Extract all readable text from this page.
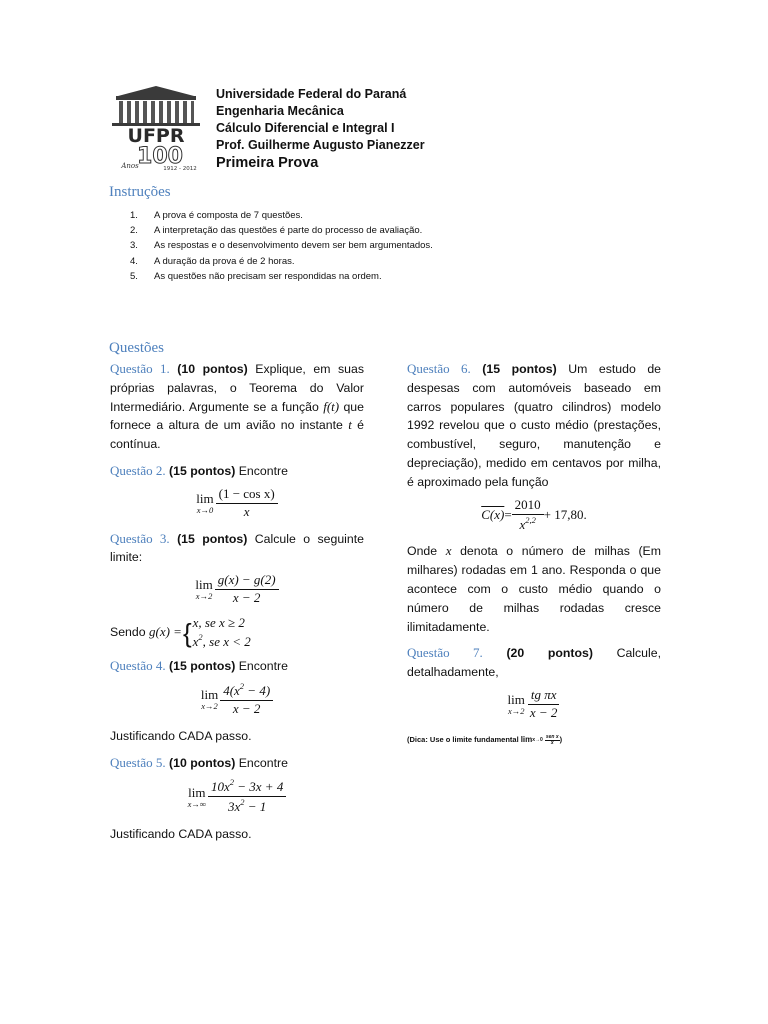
UFPR
Anos
100
1912 - 2012
Universidade Federal do Paraná
Engenharia Mecânica
Cálculo Diferencial e Integral I
Prof. Guilherme Augusto Pianezzer
Primeira Prova
Instruções
1. A prova é composta de 7 questões.
2. A interpretação das questões é parte do processo de avaliação.
3. As respostas e o desenvolvimento devem ser bem argumentados.
4. A duração da prova é de 2 horas.
5. As questões não precisam ser respondidas na ordem.
Questões
Questão 1. (10 pontos) Explique, em suas próprias palavras, o Teorema do Valor Intermediário. Argumente se a função f(t) que fornece a altura de um avião no instante t é contínua.
Questão 2. (15 pontos) Encontre
lim
$x\to 0 \frac{\text{(1 − cos x)}}{x}$
Questão 3. (15 pontos) Calcule o seguinte limite:
lim
$x\to 2 \frac{g(x) - g(2)}{x - 2}$
Sendo
g(x) = { x, se x ≥ 2
$x^2$, se x < 2
Questão 4. (15 pontos) Encontre
lim
$x\to 2 \frac{4(x^2 - 4)}{x - 2}$
Justificando CADA passo.
Questão 5. (10 pontos) Encontre
lim
$x\to\infty \frac{10x^2 - 3x + 4}{3x^2 - 1}$
Justificando CADA passo.
Questão 6. (15 pontos) Um estudo de despesas com automóveis baseado em carros populares (quatro cilindros) modelo 1992 revelou que o custo médio (prestações, combustível, seguro, manutenção e depreciação), medido em centavos por milha, é aproximado pela função
$C(x) = \frac{2010}{x^{2,2}} + 17,80$.
Onde x denota o número de milhas (Em milhares) rodadas em 1 ano. Responda o que acontece com o custo médio quando o número de milhas rodadas cresce ilimitadamente.
Questão 7. (20 pontos) Calcule, detalhadamente,
lim
$x\to 2 \frac{\text{tg πx}}{x - 2}$
(Dica: Use o limite fundamental $\lim x\to 0 \frac{\text{sen x}}{x}$ )
